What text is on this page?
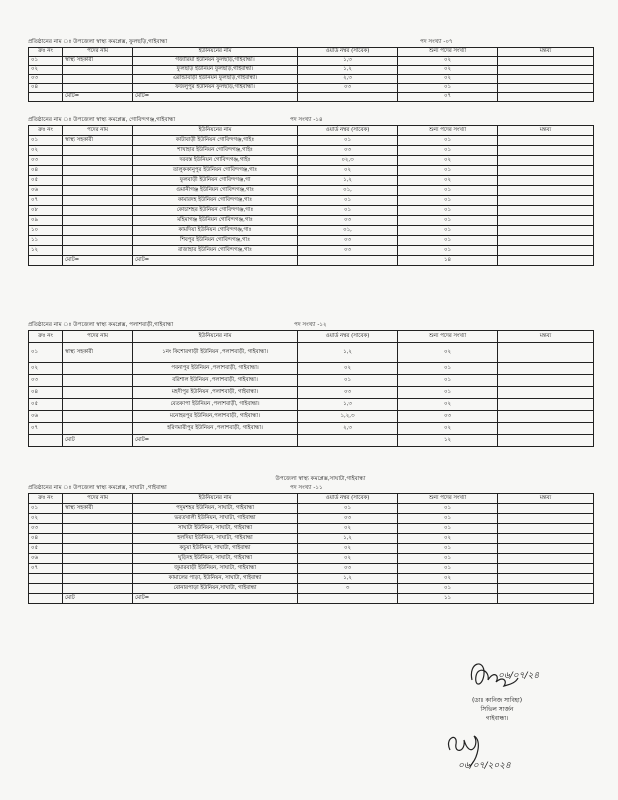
প্রতিষ্ঠানের নাম ঃ উপজেলা স্বাস্থ্য কমপ্লেক্স, ফুলছড়ি,গাইবান্ধা	পদ সংখ্যা -০৭
ক্রঃ নং	পদের নাম	ইউনিয়নের নাম	ওয়ার্ড নম্বর (সাবেক)	শুন্য পদের সংখ্যা	মন্তব্য
০১	স্বাস্থ্য সহকারী	গজারিয়া ইউনিয়ন ফুলছড়ি,গাইবান্ধা।	১,৩	০২	
০২		ফুলছড়ি ইউনিয়ন ফুলছড়ি,গাইবান্ধা।	১,২	০২	
০৩		এরান্ডাবাড়ী ইউনিয়ন ফুলছড়ি,গাইবান্ধা।	২,৩	০২	
০৪		ফজলুপুর ইউনিয়ন ফুলছড়ি,গাইবান্ধা।	০৩	০১	
	মোট=	মোট=		০৭	
প্রতিষ্ঠানের নাম ঃ উপজেলা স্বাস্থ্য কমপ্লেক্স, গোবিন্দগঞ্জ,গাইবান্ধা	পদ সংখ্যা -১৪
ক্রঃ নং	পদের নাম	ইউনিয়নের নাম	ওয়ার্ড নম্বর (সাবেক)	শুন্য পদের সংখ্যা	মন্তব্য
০১	স্বাস্থ্য সহকারী	কাটাবাড়ী ইউনিয়ন গোবিন্দগঞ্জ,গাইঃ	০১	০১	
০২		শাখাহার ইউনিয়ন গোবিন্দগঞ্জ,গাইঃ	০৩	০১	
০৩		দরবস্ত ইউনিয়ন গোবিন্দগঞ্জ,গাইঃ	০২,৩	০২	
০৪		তালুককানুপুর ইউনিয়ন গোবিন্দগঞ্জ,গাঃ	০২	০১	
০৫		ফুলবাড়ী ইউনিয়ন গোবিন্দগঞ্জ,গা	১,২	০২	
০৬		গুমানীগঞ্জ ইউনিয়ন গোবিন্দগঞ্জ,গাঃ	০১,	০১	
০৭		কামারদহ ইউনিয়ন গোবিন্দগঞ্জ,গাঃ	০১	০১	
০৮		কোচাশহর ইউনিয়ন গোবিন্দগঞ্জ,গাঃ	০১	০১	
০৯		মহিমাগঞ্জ ইউনিয়ন গোবিন্দগঞ্জ,গাঃ	০৩	০১	
১০		কামদিয়া ইউনিয়ন গোবিন্দগঞ্জ,গাঃ	০১,	০১	
১১		শিবপুর ইউনিয়ন গোবিন্দগঞ্জ,গাঃ	০৩	০১	
১২		রাজাহার ইউনিয়ন গোবিন্দগঞ্জ,গাঃ	০৩	০১	
	মোট=	মোট=		১৪	
প্রতিষ্ঠানের নাম ঃ উপজেলা স্বাস্থ্য কমপ্লেক্স, পলাশবাড়ী,গাইবান্ধা	পদ সংখ্যা -১২
ক্রঃ নং	পদের নাম	ইউনিয়নের নাম	ওয়ার্ড নম্বর (সাবেক)	শুন্য পদের সংখ্যা	মন্তব্য
০১	স্বাস্থ্য সহকারী	১নং কিশোরগাড়ী ইউনিয়ন ,পলাশবাড়ী, গাইবান্ধা।	১,২	০২	
০২		পবনাপুর ইউনিয়ন ,পলাশবাড়ী, গাইবান্ধা।	০২	০১	
০৩		বরিশাল ইউনিয়ন ,পলাশবাড়ী, গাইবান্ধা।	০১	০১	
০৪		মহদীপুর ইউনিয়ন ,পলাশবাড়ী, গাইবান্ধা।	০৩	০১	
০৫		বেতকাপা ইউনিয়ন ,পলাশবাড়ী, গাইবান্ধা।	১,৩	০২	
০৬		মনোহরপুর ইউনিয়ন,পলাশবাড়ী, গাইবান্ধা।	১,২,৩	০৩	
০৭		হরিণমারীপুর ইউনিয়ন ,পলাশবাড়ী, গাইবান্ধা।	২,৩	০২	
	মোট	মোট=		১২	
উপজেলা স্বাস্থ্য কমপ্লেক্স,সাঘাটা,গাইবান্ধা
প্রতিষ্ঠানের নাম ঃ উপজেলা স্বাস্থ্য কমপ্লেক্স, সাঘাটা ,গাইবান্ধা	পদ সংখ্যা -১১
ক্রঃ নং	পদের নাম	ইউনিয়নের নাম	ওয়ার্ড নম্বর (সাবেক)	শুন্য পদের সংখ্যা	মন্তব্য
০১	স্বাস্থ্য সহকারী	পদুমশহর ইউনিয়ন, সাঘাটা, গাইবান্ধা	০১	০১	
০২		ভরতখালী ইউনিয়ন, সাঘাটা, গাইবান্ধা	০৩	০১	
০৩		সাঘাটা ইউনিয়ন, সাঘাটা, গাইবান্ধা	০২	০১	
০৪		হলদিয়া ইউনিয়ন, সাঘাটা, গাইবান্ধা	১,২	০২	
০৫		কচুয়া ইউনিয়ন, সাঘাটা, গাইবান্ধা	০২	০১	
০৬		ঘুড়িদহ ইউনিয়ন, সাঘাটা, গাইবান্ধা	০২	০১	
০৭		জুমারবাড়ী ইউনিয়ন, সাঘাটা, গাইবান্ধা	০৩	০১	
		কামালের পাড়া, ইউনিয়ন, সাঘাটা, গাইবান্ধা	১,২	০২	
		বোনারপাড়া ইউনিয়ন,সাঘাটা, গাইবান্ধা	৩	০১	
	মোট	মোট=		১১	
০৬/০৭/২৪
(ডাঃ কানিজ সাবিহা)
সিভিল সার্জন
গাইবান্ধা।
০৬/০৭/২০২৪
